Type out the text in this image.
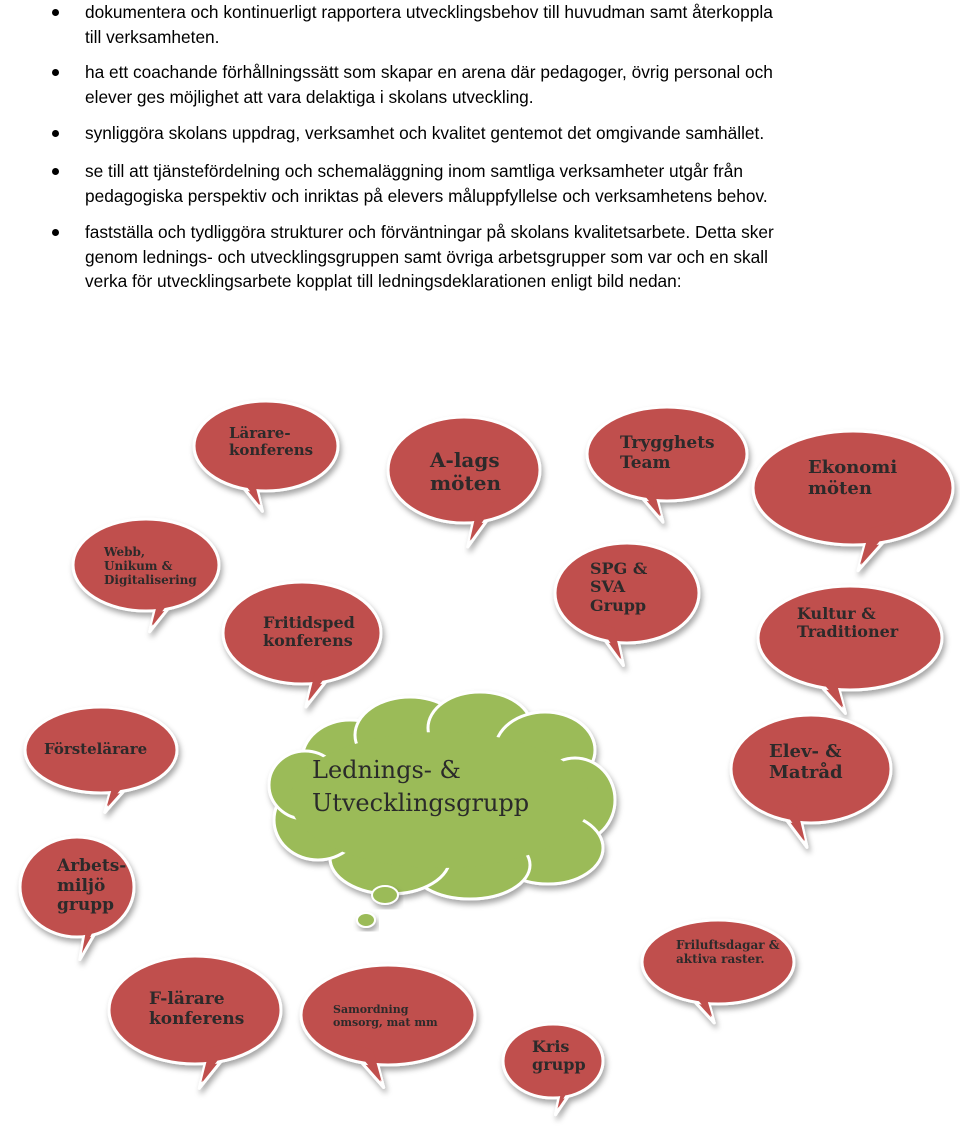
dokumentera och kontinuerligt rapportera utvecklingsbehov till huvudman samt återkoppla
till verksamheten.
ha ett coachande förhållningssätt som skapar en arena där pedagoger, övrig personal och
elever ges möjlighet att vara delaktiga i skolans utveckling.
synliggöra skolans uppdrag, verksamhet och kvalitet gentemot det omgivande samhället.
se till att tjänstefördelning och schemaläggning inom samtliga verksamheter utgår från
pedagogiska perspektiv och inriktas på elevers måluppfyllelse och verksamhetens behov.
fastställa och tydliggöra strukturer och förväntningar på skolans kvalitetsarbete. Detta sker
genom lednings- och utvecklingsgruppen samt övriga arbetsgrupper som var och en skall
verka för utvecklingsarbete kopplat till ledningsdeklarationen enligt bild nedan:
Lärare-
konferens	A-lags
möten
Trygghets
Team	Ekonomi
möten
Webb,
Unikum &
Digitalisering
SPG &
SVA
Grupp
Fritidsped
konferens
Kultur &
Traditioner
Förstelärare	Elev- &
Matråd
Arbets-
miljö
grupp
Friluftsdagar &
aktiva raster.
F-lärare
konferens	Samordning
omsorg, mat mm
Kris
grupp
Lednings- &
Utvecklingsgrupp
